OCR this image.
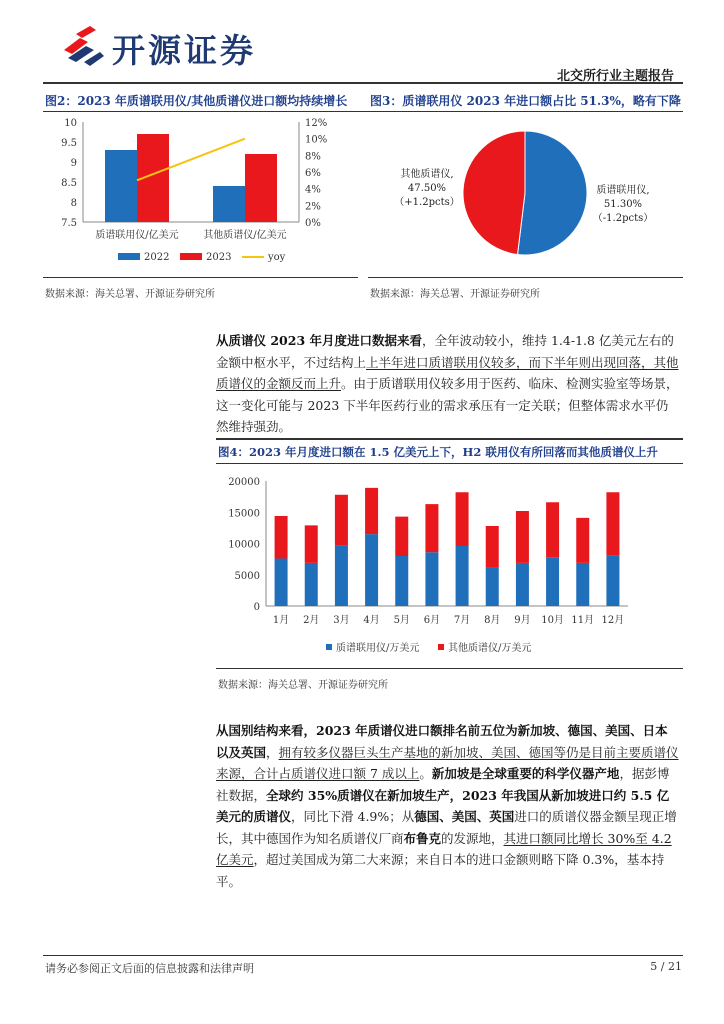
开源证券
北交所行业主题报告
图2：2023 年质谱联用仪/其他质谱仪进口额均持续增长 图3：质谱联用仪 2023 年进口额占比 51.3%，略有下降
7.5
8
8.5
9
9.5
10
0%
2%
4%
6%
8%
10%
12%
质谱联用仪/亿美元 其他质谱仪/亿美元
2022	2023	yoy
数据来源：海关总署、开源证券研究所
其他质谱仪,
47.50%
（+1.2pcts）
质谱联用仪,
51.30%
（-1.2pcts）
数据来源：海关总署、开源证券研究所
从质谱仪 2023 年月度进口数据来看，全年波动较小，维持 1.4-1.8 亿美元左右的金额中枢水平，不过结构上上半年进口质谱联用仪较多，而下半年则出现回落，其他质谱仪的金额反而上升。由于质谱联用仪较多用于医药、临床、检测实验室等场景，这一变化可能与 2023 下半年医药行业的需求承压有一定关联；但整体需求水平仍然维持强劲。
图4：2023 年月度进口额在 1.5 亿美元上下，H2 联用仪有所回落而其他质谱仪上升
0
5000
10000
15000
20000
1月 2月 3月 4月 5月 6月 7月 8月 9月 10月 11月 12月
质谱联用仪/万美元	其他质谱仪/万美元
数据来源：海关总署、开源证券研究所
从国别结构来看，2023 年质谱仪进口额排名前五位为新加坡、德国、美国、日本以及英国，拥有较多仪器巨头生产基地的新加坡、美国、德国等仍是目前主要质谱仪来源，合计占质谱仪进口额 7 成以上。新加坡是全球重要的科学仪器产地，据彭博社数据，全球约 35%质谱仪在新加坡生产，2023 年我国从新加坡进口约 5.5 亿美元的质谱仪，同比下滑 4.9%；从德国、美国、英国进口的质谱仪器金额呈现正增长，其中德国作为知名质谱仪厂商布鲁克的发源地，其进口额同比增长 30%至 4.2 亿美元，超过美国成为第二大来源；来自日本的进口金额则略下降 0.3%，基本持平。
请务必参阅正文后面的信息披露和法律声明	5 / 21
